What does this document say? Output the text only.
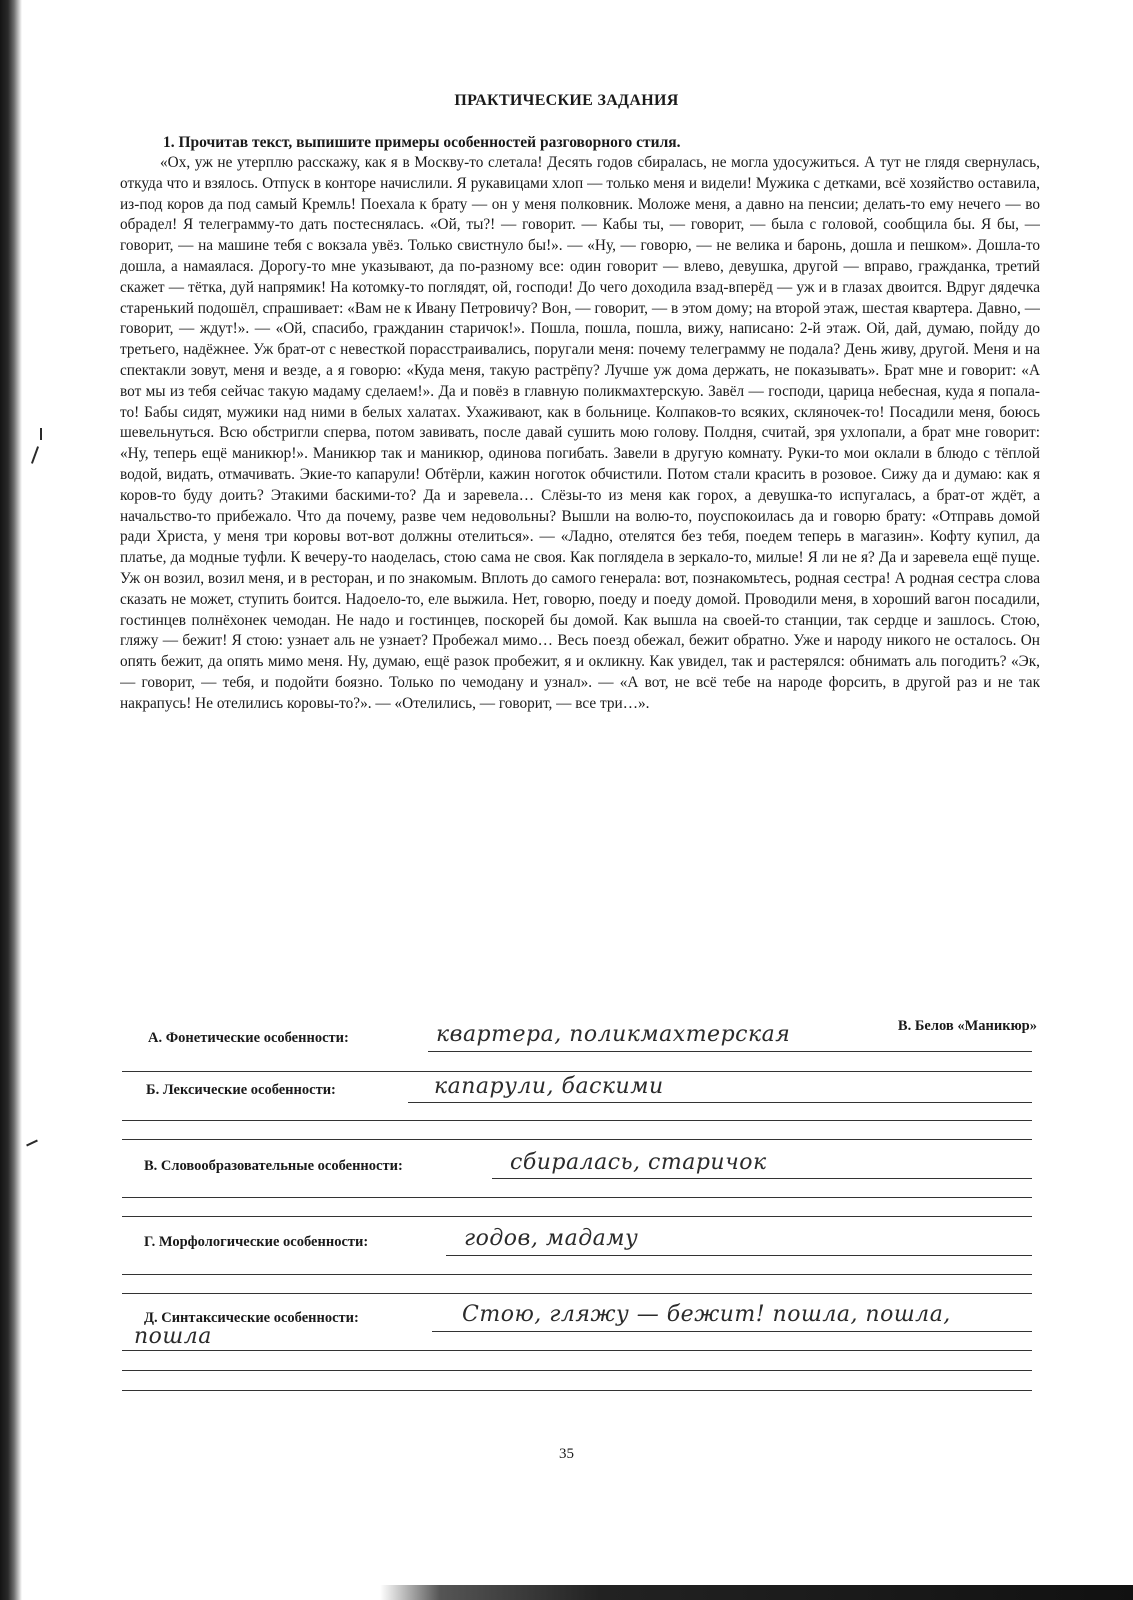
ПРАКТИЧЕСКИЕ ЗАДАНИЯ

1. Прочитав текст, выпишите примеры особенностей разговорного стиля.

«Ох, уж не утерплю расскажу, как я в Москву-то слетала! Десять годов сбиралась, не могла удосужиться. А тут не глядя свернулась, откуда что и взялось. Отпуск в конторе начислили. Я рукавицами хлоп — только меня и видели! Мужика с детками, всё хозяйство оставила, из-под коров да под самый Кремль! Поехала к брату — он у меня полковник. Моложе меня, а давно на пенсии; делать-то ему нечего — во обрадел! Я телеграмму-то дать постеснялась. «Ой, ты?! — говорит. — Кабы ты, — говорит, — была с головой, сообщила бы. Я бы, — говорит, — на машине тебя с вокзала увёз. Только свистнуло бы!». — «Ну, — говорю, — не велика и баронь, дошла и пешком». Дошла-то дошла, а намаялася. Дорогу-то мне указывают, да по-разному все: один говорит — влево, девушка, другой — вправо, гражданка, третий скажет — тётка, дуй напрямик! На котомку-то поглядят, ой, господи! До чего доходила взад-вперёд — уж и в глазах двоится. Вдруг дядечка старенький подошёл, спрашивает: «Вам не к Ивану Петровичу? Вон, — говорит, — в этом дому; на второй этаж, шестая квартера. Давно, — говорит, — ждут!». — «Ой, спасибо, гражданин старичок!». Пошла, пошла, пошла, вижу, написано: 2-й этаж. Ой, дай, думаю, пойду до третьего, надёжнее. Уж брат-от с невесткой порасстраивались, поругали меня: почему телеграмму не подала? День живу, другой. Меня и на спектакли зовут, меня и везде, а я говорю: «Куда меня, такую растрёпу? Лучше уж дома держать, не показывать». Брат мне и говорит: «А вот мы из тебя сейчас такую мадаму сделаем!». Да и повёз в главную поликмахтерскую. Завёл — господи, царица небесная, куда я попала-то! Бабы сидят, мужики над ними в белых халатах. Ухаживают, как в больнице. Колпаков-то всяких, скляночек-то! Посадили меня, боюсь шевельнуться. Всю обстригли сперва, потом завивать, после давай сушить мою голову. Полдня, считай, зря ухлопали, а брат мне говорит: «Ну, теперь ещё маникюр!». Маникюр так и маникюр, одинова погибать. Завели в другую комнату. Руки-то мои оклали в блюдо с тёплой водой, видать, отмачивать. Экие-то капарули! Обтёрли, кажин ноготок обчистили. Потом стали красить в розовое. Сижу да и думаю: как я коров-то буду доить? Этакими баскими-то? Да и заревела… Слёзы-то из меня как горох, а девушка-то испугалась, а брат-от ждёт, а начальство-то прибежало. Что да почему, разве чем недовольны? Вышли на волю-то, поуспокоилась да и говорю брату: «Отправь домой ради Христа, у меня три коровы вот-вот должны отелиться». — «Ладно, отелятся без тебя, поедем теперь в магазин». Кофту купил, да платье, да модные туфли. К вечеру-то наоделась, стою сама не своя. Как поглядела в зеркало-то, милые! Я ли не я? Да и заревела ещё пуще. Уж он возил, возил меня, и в ресторан, и по знакомым. Вплоть до самого генерала: вот, познакомьтесь, родная сестра! А родная сестра слова сказать не может, ступить боится. Надоело-то, еле выжила. Нет, говорю, поеду и поеду домой. Проводили меня, в хороший вагон посадили, гостинцев полнёхонек чемодан. Не надо и гостинцев, поскорей бы домой. Как вышла на своей-то станции, так сердце и зашлось. Стою, гляжу — бежит! Я стою: узнает аль не узнает? Пробежал мимо… Весь поезд обежал, бежит обратно. Уже и народу никого не осталось. Он опять бежит, да опять мимо меня. Ну, думаю, ещё разок пробежит, я и окликну. Как увидел, так и растерялся: обнимать аль погодить? «Эк, — говорит, — тебя, и подойти боязно. Только по чемодану и узнал». — «А вот, не всё тебе на народе форсить, в другой раз и не так накрапусь! Не отелились коровы-то?». — «Отелились, — говорит, — все три…».

В. Белов «Маникюр»

А. Фонетические особенности:	квартера, поликмахтерская

Б. Лексические особенности:	капарули, баскими

В. Словообразовательные особенности:	сбиралась, старичок

Г. Морфологические особенности:	годов, мадаму

Д. Синтаксические особенности:	Стою, гляжу — бежит! пошла, пошла,

пошла

35
